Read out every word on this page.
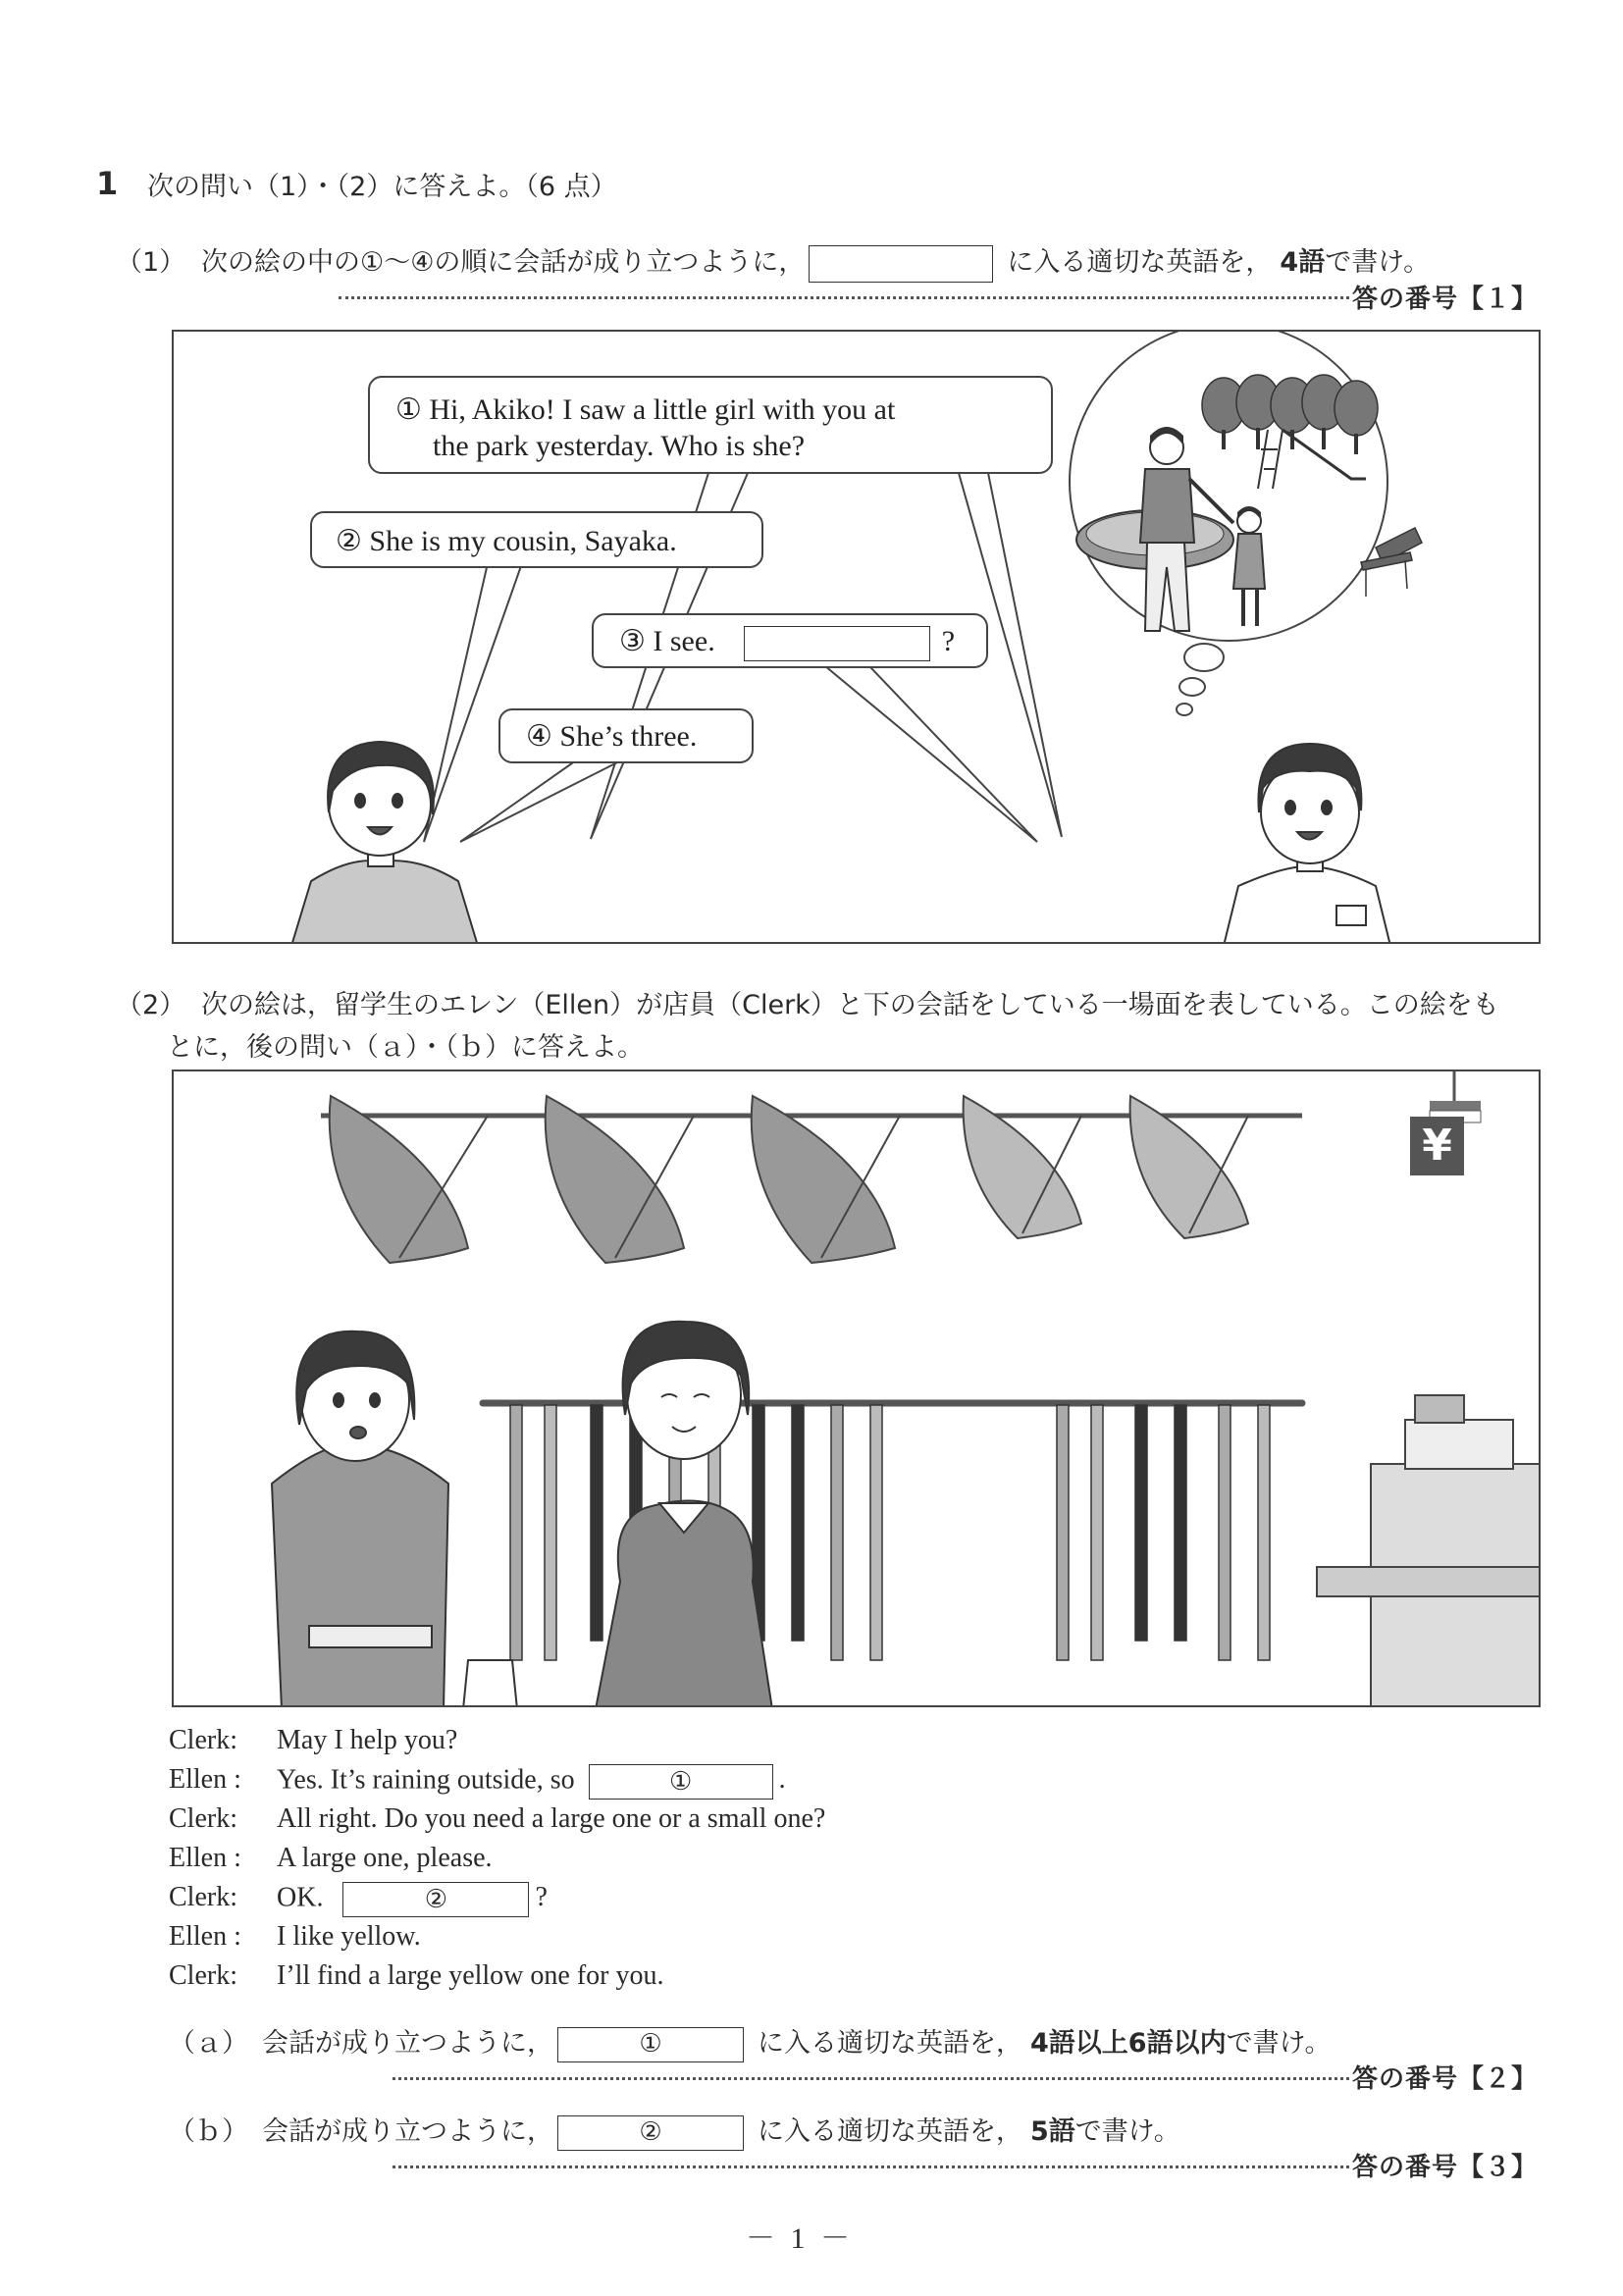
1 次の問い（1）・（2）に答えよ。（6 点）
（1） 次の絵の中の①～④の順に会話が成り立つように，	に入る適切な英語を， 4語で書け。
答の番号【１】
① Hi, Akiko! I saw a little girl with you at
the park yesterday. Who is she?
② She is my cousin, Sayaka.
③ I see.	?
④ She’s three.
（2） 次の絵は，留学生のエレン（Ellen）が店員（Clerk）と下の会話をしている一場面を表している。この絵をも
とに，後の問い（ａ）・（ｂ）に答えよ。
¥
Clerk: May I help you?
Ellen : Yes. It’s raining outside, so	①	.
Clerk: All right. Do you need a large one or a small one?
Ellen : A large one, please.
Clerk: OK.	②	?
Ellen : I like yellow.
Clerk: I’ll find a large yellow one for you.
（ａ） 会話が成り立つように，	①	に入る適切な英語を， 4語以上6語以内で書け。
答の番号【２】
（ｂ） 会話が成り立つように，	②	に入る適切な英語を， 5語で書け。
答の番号【３】
－ 1 －
